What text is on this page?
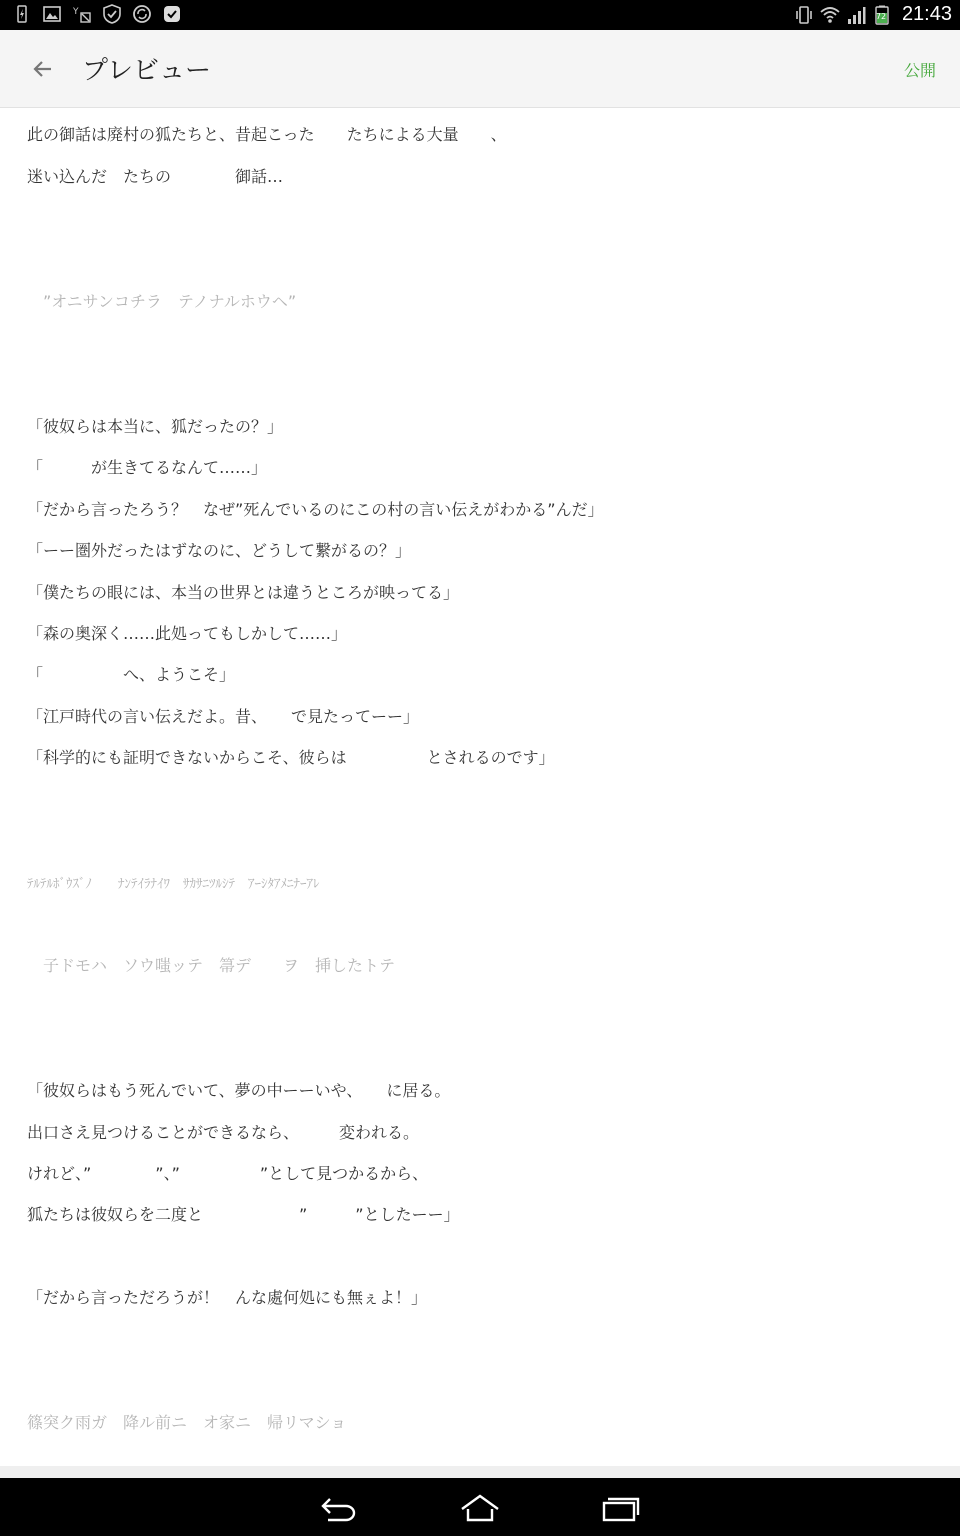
Y	72 21:43
プレビュー	公開
此の御話は廃村の狐たちと、昔起こった　　たちによる大量　　、
迷い込んだ　たちの　　　　御話…
　”オニサンコチラ　テノナルホウヘ”
「彼奴らは本当に、狐だったの？」
「　　　が生きてるなんて……」
「だから言ったろう？　なぜ”死んでいるのにこの村の言い伝えがわかる”んだ」
「ーー圏外だったはずなのに、どうして繋がるの？」
「僕たちの眼には、本当の世界とは違うところが映ってる」
「森の奥深く……此処ってもしかして……」
「　　　　　へ、ようこそ」
「江戸時代の言い伝えだよ。昔、　　で見たってーー」
「科学的にも証明できないからこそ、彼らは　　　　　とされるのです」
ﾃﾙﾃﾙﾎﾞｳｽﾞﾉ　　ﾅﾝﾃｲﾗﾅｲﾜ　ｻｶｻﾆﾂﾙｼﾃ　ｱｰｼﾀｱﾒﾆﾅｰｱﾚ
　子ドモハ　ソウ嗤ッテ　箒デ　　ヲ　挿したトテ
「彼奴らはもう死んでいて、夢の中ーーいや、　　に居る。
出口さえ見つけることができるなら、　　　変われる。
けれど、”　　　　”、”　　　　　”として見つかるから、
狐たちは彼奴らを二度と　　　　　　”　　　”としたーー」
「だから言っただろうが！　んな處何処にも無ぇよ！」
篠突ク雨ガ　降ル前ニ　オ家ニ　帰リマショ
